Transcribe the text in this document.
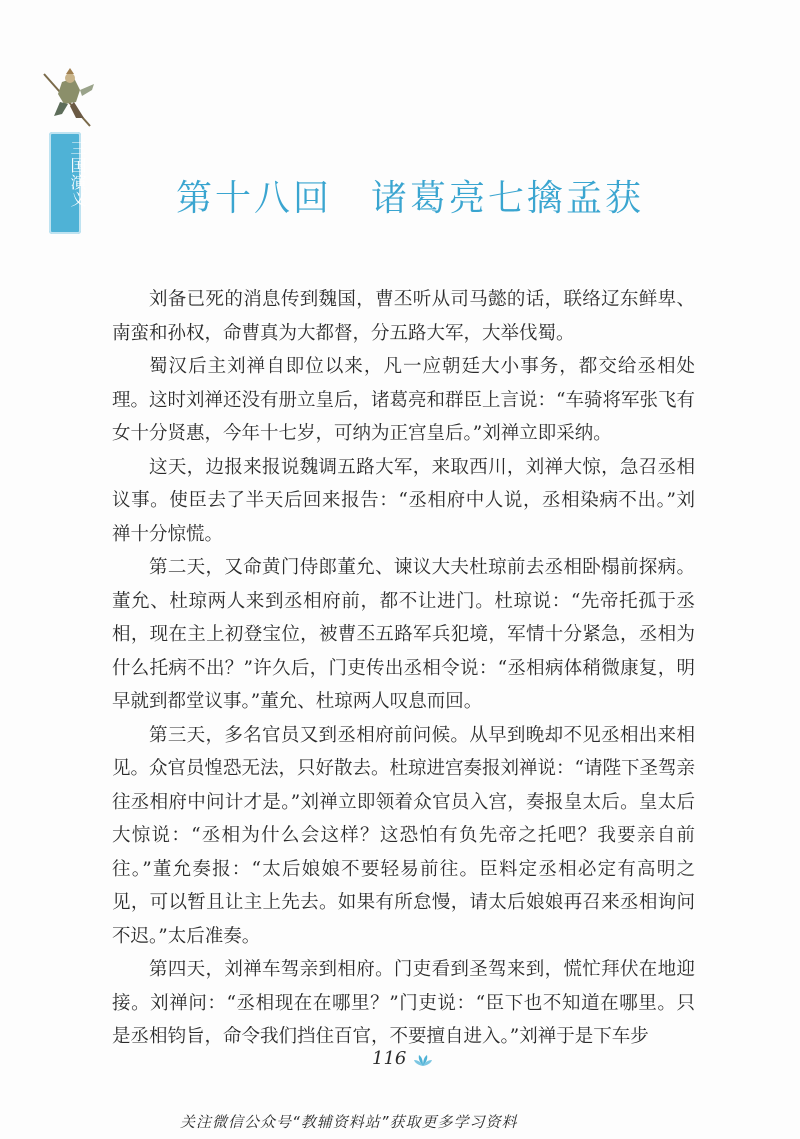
三国演义	第十八回　诸葛亮七擒孟获

刘备已死的消息传到魏国，曹丕听从司马懿的话，联络辽东鲜卑、南蛮和孙权，命曹真为大都督，分五路大军，大举伐蜀。

蜀汉后主刘禅自即位以来，凡一应朝廷大小事务，都交给丞相处理。这时刘禅还没有册立皇后，诸葛亮和群臣上言说：“车骑将军张飞有女十分贤惠，今年十七岁，可纳为正宫皇后。”刘禅立即采纳。

这天，边报来报说魏调五路大军，来取西川，刘禅大惊，急召丞相议事。使臣去了半天后回来报告：“丞相府中人说，丞相染病不出。”刘禅十分惊慌。

第二天，又命黄门侍郎董允、谏议大夫杜琼前去丞相卧榻前探病。董允、杜琼两人来到丞相府前，都不让进门。杜琼说：“先帝托孤于丞相，现在主上初登宝位，被曹丕五路军兵犯境，军情十分紧急，丞相为什么托病不出？”许久后，门吏传出丞相令说：“丞相病体稍微康复，明早就到都堂议事。”董允、杜琼两人叹息而回。

第三天，多名官员又到丞相府前问候。从早到晚却不见丞相出来相见。众官员惶恐无法，只好散去。杜琼进宫奏报刘禅说：“请陛下圣驾亲往丞相府中问计才是。”刘禅立即领着众官员入宫，奏报皇太后。皇太后大惊说：“丞相为什么会这样？这恐怕有负先帝之托吧？我要亲自前往。”董允奏报：“太后娘娘不要轻易前往。臣料定丞相必定有高明之见，可以暂且让主上先去。如果有所怠慢，请太后娘娘再召来丞相询问不迟。”太后准奏。

第四天，刘禅车驾亲到相府。门吏看到圣驾来到，慌忙拜伏在地迎接。刘禅问：“丞相现在在哪里？”门吏说：“臣下也不知道在哪里。只是丞相钧旨，命令我们挡住百官，不要擅自进入。”刘禅于是下车步

116
关注微信公众号“教辅资料站”获取更多学习资料
